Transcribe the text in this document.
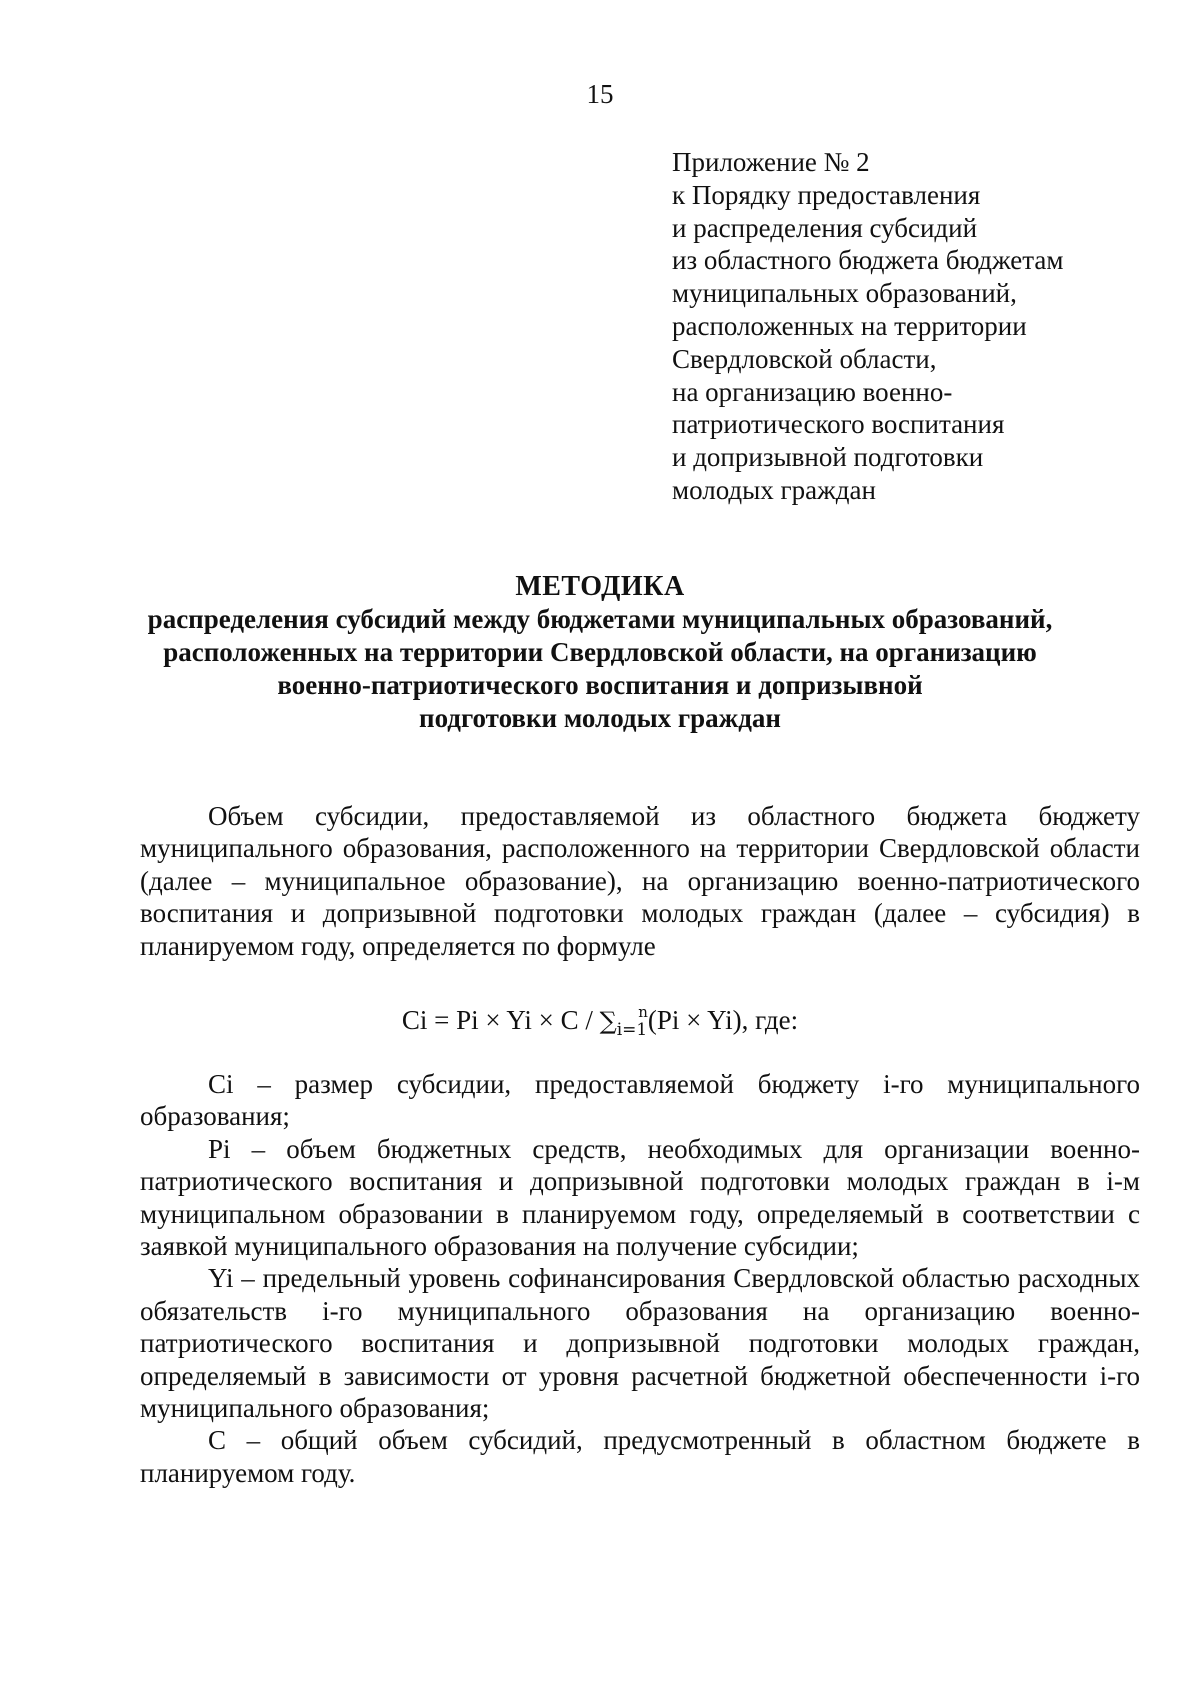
15
Приложение № 2
к Порядку предоставления
и распределения субсидий
из областного бюджета бюджетам
муниципальных образований,
расположенных на территории
Свердловской области,
на организацию военно-
патриотического воспитания
и допризывной подготовки
молодых граждан
МЕТОДИКА
распределения субсидий между бюджетами муниципальных образований,
расположенных на территории Свердловской области, на организацию
военно-патриотического воспитания и допризывной
подготовки молодых граждан

Объем субсидии, предоставляемой из областного бюджета бюджету муниципального образования, расположенного на территории Свердловской области (далее – муниципальное образование), на организацию военно-патриотического воспитания и допризывной подготовки молодых граждан (далее – субсидия) в планируемом году, определяется по формуле

Ci = Pi × Yi × C / ∑i=1n(Pi × Yi), где:

Ci – размер субсидии, предоставляемой бюджету i-го муниципального образования;

Pi – объем бюджетных средств, необходимых для организации военно-патриотического воспитания и допризывной подготовки молодых граждан в i-м муниципальном образовании в планируемом году, определяемый в соответствии с заявкой муниципального образования на получение субсидии;

Yi – предельный уровень софинансирования Свердловской областью расходных обязательств i-го муниципального образования на организацию военно-патриотического воспитания и допризывной подготовки молодых граждан, определяемый в зависимости от уровня расчетной бюджетной обеспеченности i-го муниципального образования;

C – общий объем субсидий, предусмотренный в областном бюджете в планируемом году.
